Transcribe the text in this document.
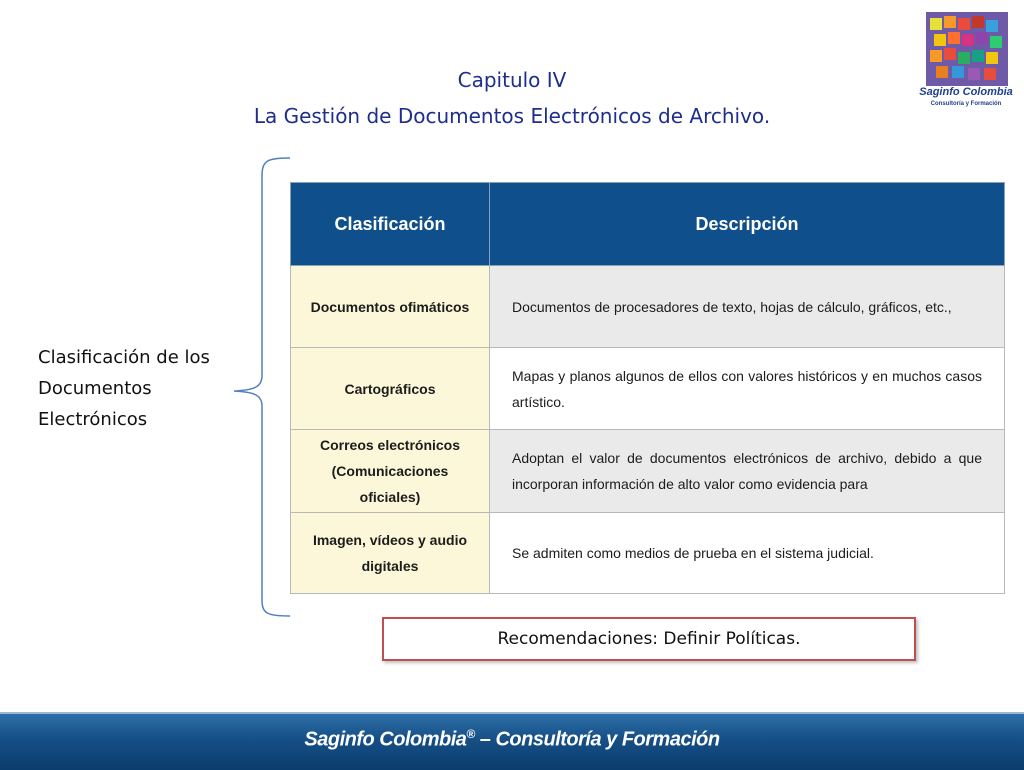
Capitulo IV
La Gestión de Documentos Electrónicos de Archivo.
Saginfo Colombia
Consultoría y Formación
Clasificación de los
Documentos
Electrónicos
Clasificación	Descripción
Documentos ofimáticos	Documentos de procesadores de texto, hojas de cálculo, gráficos, etc.,
Cartográficos	Mapas y planos algunos de ellos con valores históricos y en muchos casos artístico.
Correos electrónicos
(Comunicaciones
oficiales)	Adoptan el valor de documentos electrónicos de archivo, debido a que incorporan información de alto valor como evidencia para
Imagen, vídeos y audio
digitales	Se admiten como medios de prueba en el sistema judicial.
Recomendaciones: Definir Políticas.
Saginfo Colombia® – Consultoría y Formación
